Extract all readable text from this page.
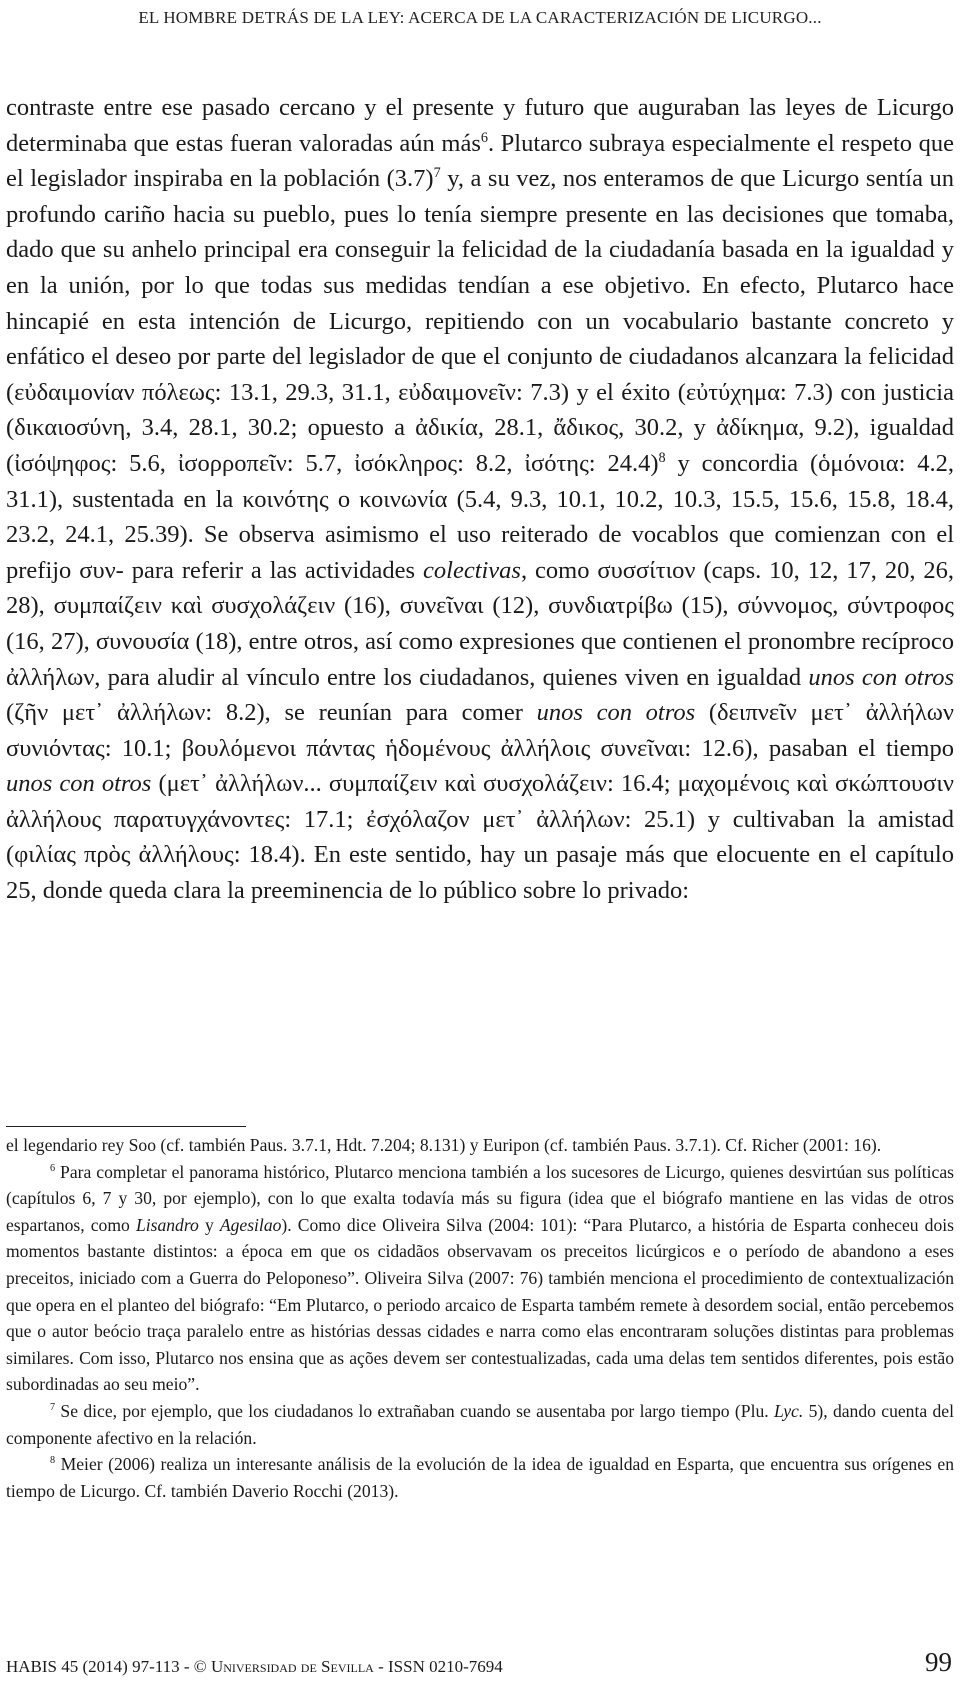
EL HOMBRE DETRÁS DE LA LEY: ACERCA DE LA CARACTERIZACIÓN DE LICURGO...

contraste entre ese pasado cercano y el presente y futuro que auguraban las leyes de Licurgo determinaba que estas fueran valoradas aún más$^6$. Plutarco subraya especialmente el respeto que el legislador inspiraba en la población $(3.7)^7$ y, a su vez, nos enteramos de que Licurgo sentía un profundo cariño hacia su pueblo, pues lo tenía siempre presente en las decisiones que tomaba, dado que su anhelo principal era conseguir la felicidad de la ciudadanía basada en la igualdad y en la unión, por lo que todas sus medidas tendían a ese objetivo. En efecto, Plutarco hace hincapié en esta intención de Licurgo, repitiendo con un vocabulario bastante concreto y enfático el deseo por parte del legislador de que el conjunto de ciudadanos alcanzara la felicidad (εὐδαιμονίαν πόλεως: 13.1, 29.3, 31.1, εὐδαιμονεῖν: 7.3) y el éxito (εὐτύχημα: 7.3) con justicia (δικαιοσύνη, 3.4, 28.1, 30.2; opuesto a ἀδικία, 28.1, ἄδικος, 30.2, y ἀδίκημα, 9.2), igualdad (ἰσόψηφος: 5.6, ἰσορροπεῖν: 5.7, ἰσόκληρος: 8.2, ἰσότης: 24.4)$^8$ y concordia (ὁμόνοια: 4.2, 31.1), sustentada en la κοινότης ο κοινωνία (5.4, 9.3, 10.1, 10.2, 10.3, 15.5, 15.6, 15.8, 18.4, 23.2, 24.1, 25.39). Se observa asimismo el uso reiterado de vocablos que comienzan con el prefijo συν- para referir a las actividades colectivas, como συσσίτιον (caps. 10, 12, 17, 20, 26, 28), συμπαίζειν καὶ συσχολάζειν (16), συνεῖναι (12), συνδιατρίβω (15), σύννομος, σύντροφος (16, 27), συνουσία (18), entre otros, así como expresiones que contienen el pronombre recíproco ἀλλήλων, para aludir al vínculo entre los ciudadanos, quienes viven en igualdad unos con otros (ζῆν μετ᾽ ἀλλήλων: 8.2), se reunían para comer unos con otros (δειπνεῖν μετ᾽ ἀλλήλων συνιόντας: 10.1; βουλόμενοι πάντας ἡδομένους ἀλλήλοις συνεῖναι: 12.6), pasaban el tiempo unos con otros (μετ᾽ ἀλλήλων... συμπαίζειν καὶ συσχολάζειν: 16.4; μαχομένοις καὶ σκώπτουσιν ἀλλήλους παρατυγχάνοντες: 17.1; ἐσχόλαζον μετ᾽ ἀλλήλων: 25.1) y cultivaban la amistad (φιλίας πρὸς ἀλλήλους: 18.4). En este sentido, hay un pasaje más que elocuente en el capítulo 25, donde queda clara la preeminencia de lo público sobre lo privado:

el legendario rey Soo (cf. también Paus. 3.7.1, Hdt. 7.204; 8.131) y Euripon (cf. también Paus. 3.7.1). Cf. Richer (2001: 16).

$^6$ Para completar el panorama histórico, Plutarco menciona también a los sucesores de Licurgo, quienes desvirtúan sus políticas (capítulos 6, 7 y 30, por ejemplo), con lo que exalta todavía más su figura (idea que el biógrafo mantiene en las vidas de otros espartanos, como Lisandro y Agesilao). Como dice Oliveira Silva (2004: 101): “Para Plutarco, a história de Esparta conheceu dois momentos bastante distintos: a época em que os cidadãos observavam os preceitos licúrgicos e o período de abandono a eses preceitos, iniciado com a Guerra do Peloponeso”. Oliveira Silva (2007: 76) también menciona el procedimiento de contextualización que opera en el planteo del biógrafo: “Em Plutarco, o periodo arcaico de Esparta também remete à desordem social, então percebemos que o autor beócio traça paralelo entre as histórias dessas cidades e narra como elas encontraram soluções distintas para problemas similares. Com isso, Plutarco nos ensina que as ações devem ser contestualizadas, cada uma delas tem sentidos diferentes, pois estão subordinadas ao seu meio”.

$^7$ Se dice, por ejemplo, que los ciudadanos lo extrañaban cuando se ausentaba por largo tiempo (Plu. Lyc. 5), dando cuenta del componente afectivo en la relación.

$^8$ Meier (2006) realiza un interesante análisis de la evolución de la idea de igualdad en Esparta, que encuentra sus orígenes en tiempo de Licurgo. Cf. también Daverio Rocchi (2013).

HABIS 45 (2014) 97-113 - © Universidad de Sevilla - ISSN 0210-7694	99
